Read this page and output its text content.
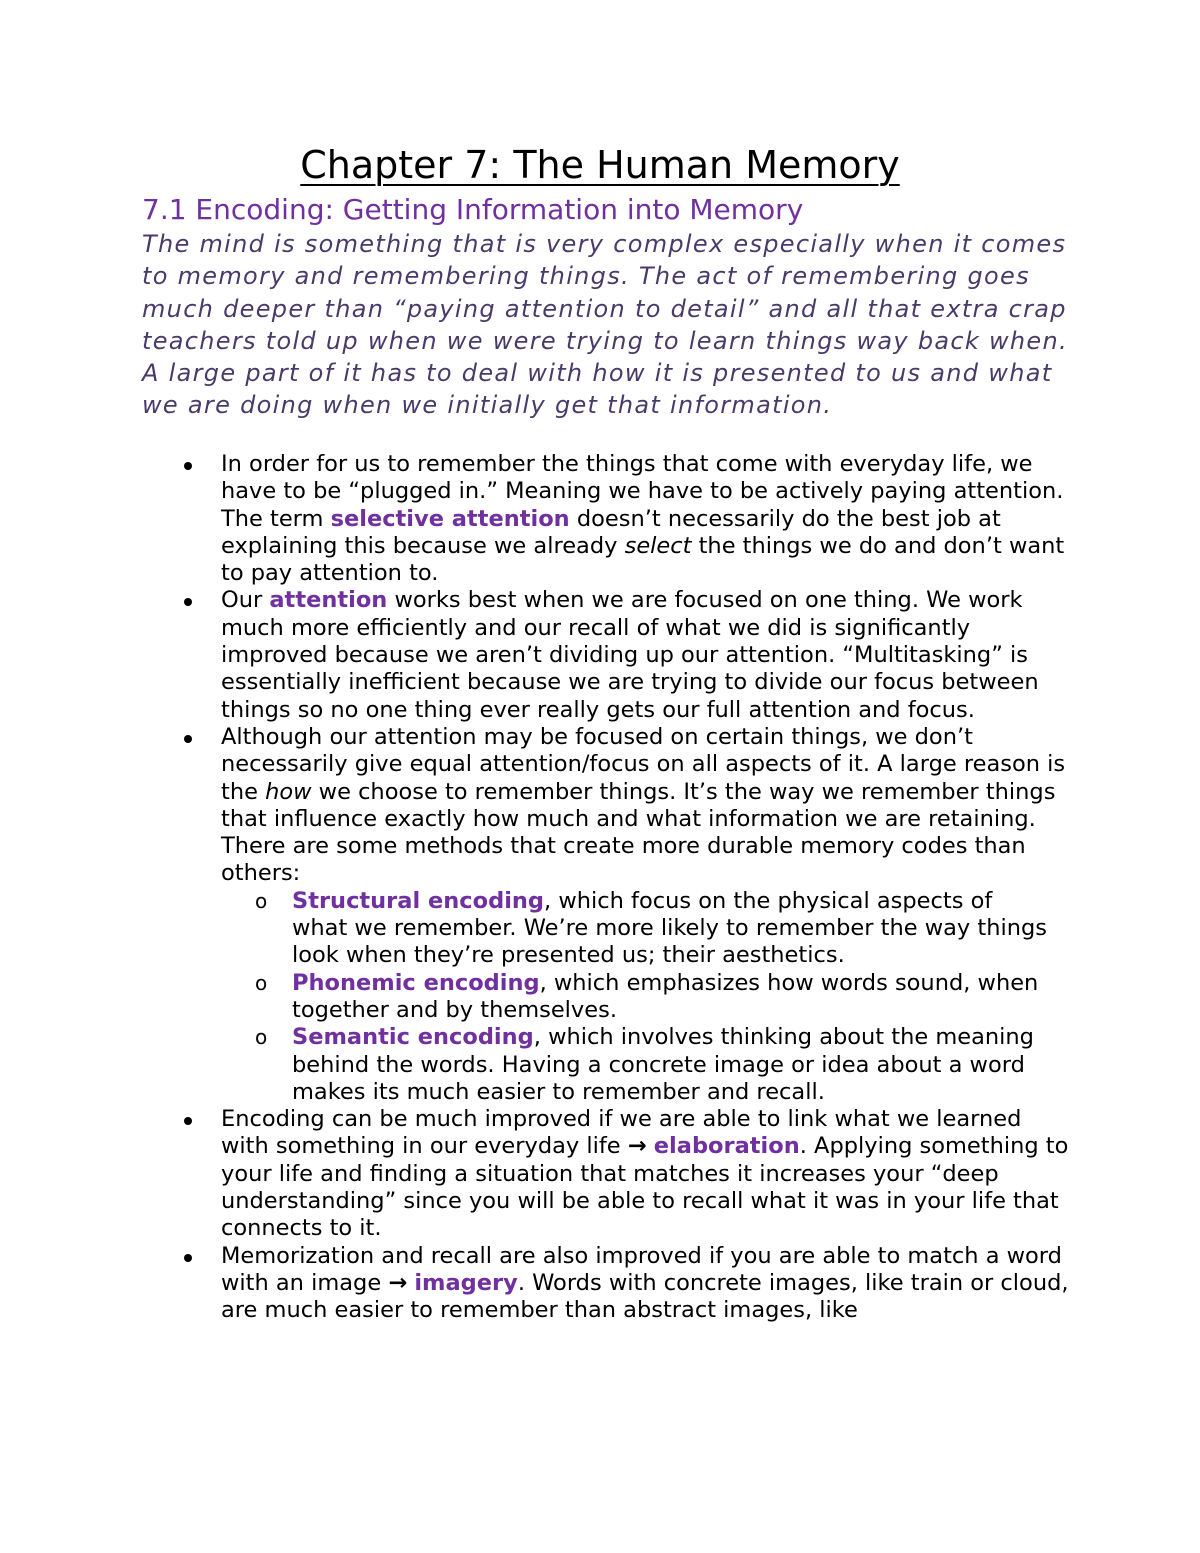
Chapter 7: The Human Memory
7.1 Encoding: Getting Information into Memory

The mind is something that is very complex especially when it comes to memory and remembering things. The act of remembering goes much deeper than “paying attention to detail” and all that extra crap teachers told up when we were trying to learn things way back when. A large part of it has to deal with how it is presented to us and what we are doing when we initially get that information.

In order for us to remember the things that come with everyday life, we have to be “plugged in.” Meaning we have to be actively paying attention. The term selective attention doesn’t necessarily do the best job at explaining this because we already select the things we do and don’t want to pay attention to.
Our attention works best when we are focused on one thing. We work much more efficiently and our recall of what we did is significantly improved because we aren’t dividing up our attention. “Multitasking” is essentially inefficient because we are trying to divide our focus between things so no one thing ever really gets our full attention and focus.
Although our attention may be focused on certain things, we don’t necessarily give equal attention/focus on all aspects of it. A large reason is the how we choose to remember things. It’s the way we remember things that influence exactly how much and what information we are retaining. There are some methods that create more durable memory codes than others:
o Structural encoding, which focus on the physical aspects of what we remember. We’re more likely to remember the way things look when they’re presented us; their aesthetics.
o Phonemic encoding, which emphasizes how words sound, when together and by themselves.
o Semantic encoding, which involves thinking about the meaning behind the words. Having a concrete image or idea about a word makes its much easier to remember and recall.
Encoding can be much improved if we are able to link what we learned with something in our everyday life → elaboration. Applying something to your life and finding a situation that matches it increases your “deep understanding” since you will be able to recall what it was in your life that connects to it.
Memorization and recall are also improved if you are able to match a word with an image → imagery. Words with concrete images, like train or cloud, are much easier to remember than abstract images, like
